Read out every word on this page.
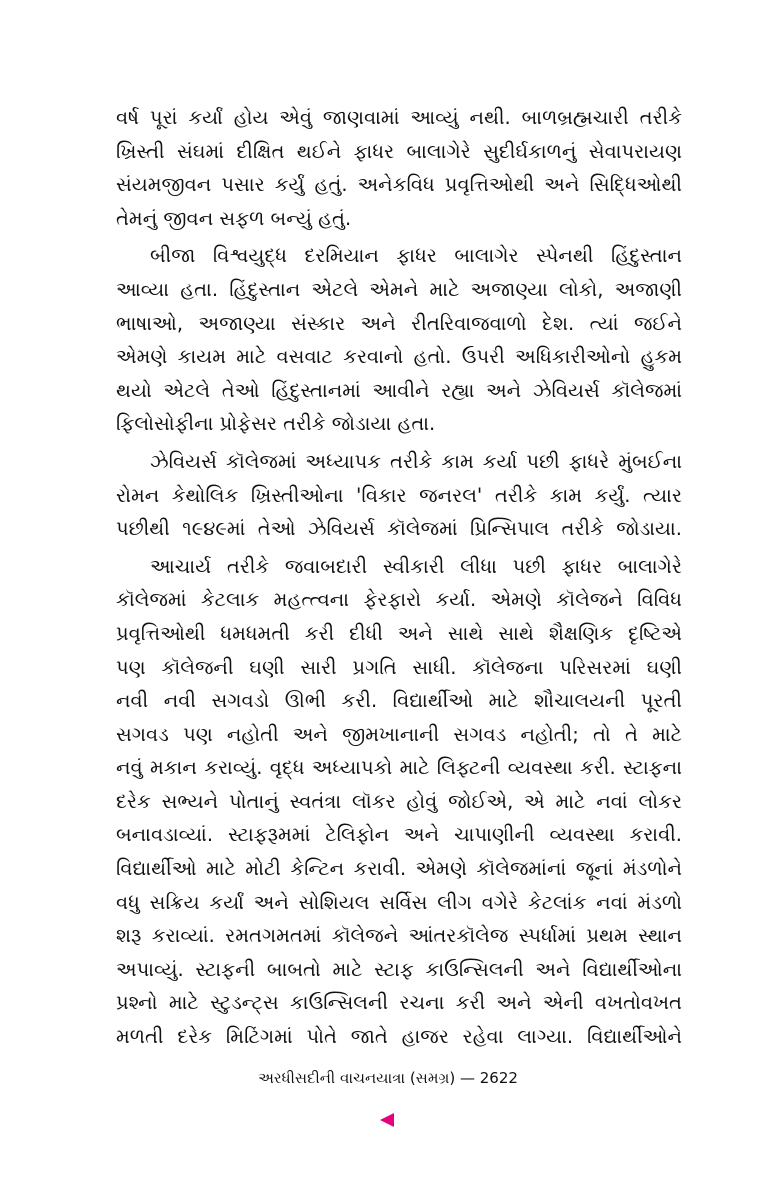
વર્ષ પૂરાં કર્યાં હોય એવું જાણવામાં આવ્યું નથી. બાળબ્રહ્મચારી તરીકે
ખ્રિસ્તી સંઘમાં દીક્ષિત થઈને ફાધર બાલાગેરે સુદીર્ઘકાળનું સેવાપરાયણ
સંયમજીવન પસાર કર્યું હતું. અનેકવિધ પ્રવૃત્તિઓથી અને સિદ્ધિઓથી
તેમનું જીવન સફળ બન્યું હતું.

બીજા વિશ્વયુદ્ધ દરમિયાન ફાધર બાલાગેર સ્પેનથી હિંદુસ્તાન
આવ્યા હતા. હિંદુસ્તાન એટલે એમને માટે અજાણ્યા લોકો, અજાણી
ભાષાઓ, અજાણ્યા સંસ્કાર અને રીતરિવાજવાળો દેશ. ત્યાં જઈને
એમણે કાયમ માટે વસવાટ કરવાનો હતો. ઉપરી અધિકારીઓનો હુકમ
થયો એટલે તેઓ હિંદુસ્તાનમાં આવીને રહ્યા અને ઝેવિયર્સ કૉલેજમાં
ફિલોસોફીના પ્રોફેસર તરીકે જોડાયા હતા.

ઝેવિયર્સ કૉલેજમાં અધ્યાપક તરીકે કામ કર્યા પછી ફાધરે મુંબઈના
રોમન કેથોલિક ખ્રિસ્તીઓના 'વિકાર જનરલ' તરીકે કામ કર્યું. ત્યાર
પછીથી ૧૯૪૯માં તેઓ ઝેવિયર્સ કૉલેજમાં પ્રિન્સિપાલ તરીકે જોડાયા.

આચાર્ય તરીકે જવાબદારી સ્વીકારી લીધા પછી ફાધર બાલાગેરે
કૉલેજમાં કેટલાક મહત્ત્વના ફેરફારો કર્યા. એમણે કૉલેજને વિવિધ
પ્રવૃત્તિઓથી ધમધમતી કરી દીધી અને સાથે સાથે શૈક્ષણિક દૃષ્ટિએ
પણ કૉલેજની ઘણી સારી પ્રગતિ સાધી. કૉલેજના પરિસરમાં ઘણી
નવી નવી સગવડો ઊભી કરી. વિદ્યાર્થીઓ માટે શૌચાલયની પૂરતી
સગવડ પણ નહોતી અને જીમખાનાની સગવડ નહોતી; તો તે માટે
નવું મકાન કરાવ્યું. વૃદ્ધ અધ્યાપકો માટે લિફ્ટની વ્યવસ્થા કરી. સ્ટાફના
દરેક સભ્યને પોતાનું સ્વતંત્રા લૉકર હોવું જોઈએ, એ માટે નવાં લોકર
બનાવડાવ્યાં. સ્ટાફરૂમમાં ટેલિફોન અને ચાપાણીની વ્યવસ્થા કરાવી.
વિદ્યાર્થીઓ માટે મોટી કેન્ટિન કરાવી. એમણે કૉલેજમાંનાં જૂનાં મંડળોને
વધુ સક્રિય કર્યાં અને સોશિયલ સર્વિસ લીગ વગેરે કેટલાંક નવાં મંડળો
શરૂ કરાવ્યાં. રમતગમતમાં કૉલેજને આંતરકૉલેજ સ્પર્ધામાં પ્રથમ સ્થાન
અપાવ્યું. સ્ટાફની બાબતો માટે સ્ટાફ કાઉન્સિલની અને વિદ્યાર્થીઓના
પ્રશ્નો માટે સ્ટુડન્ટ્સ કાઉન્સિલની રચના કરી અને એની વખતોવખત
મળતી દરેક મિટિંગમાં પોતે જાતે હાજર રહેવા લાગ્યા. વિદ્યાર્થીઓને

અરધીસદીની વાચનયાત્રા (સમગ્ર) — 2622
